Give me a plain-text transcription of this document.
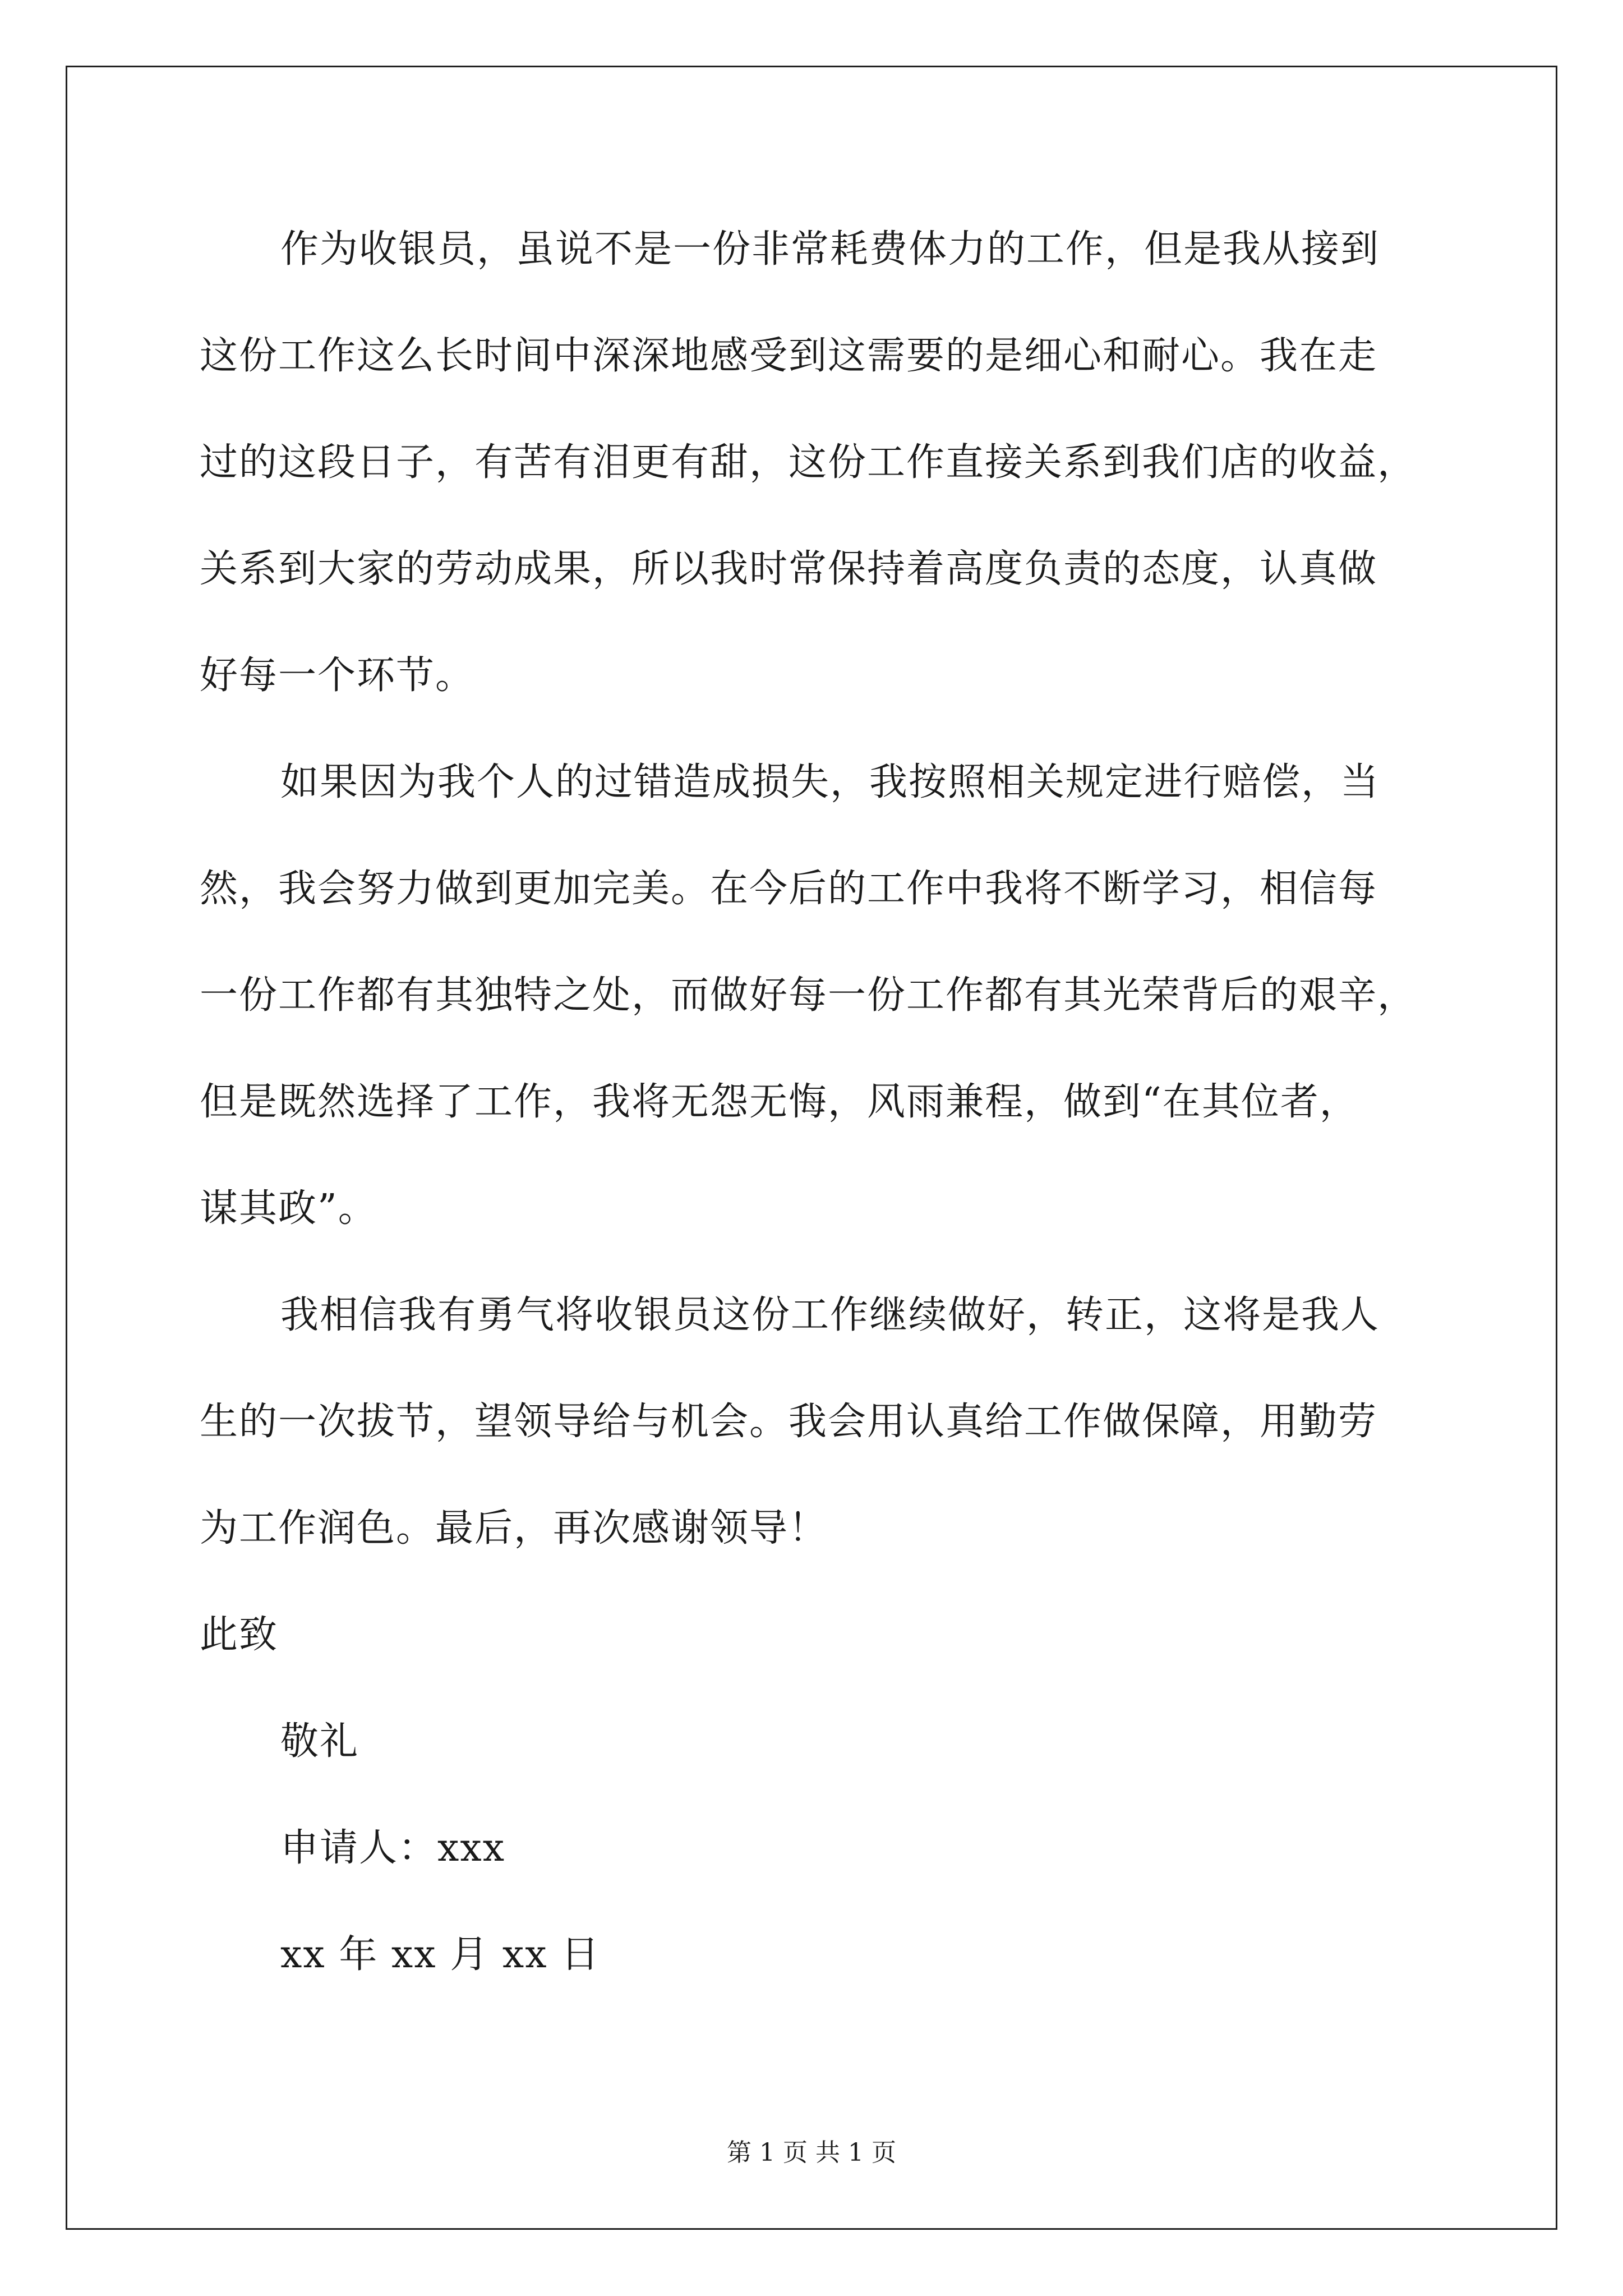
作为收银员，虽说不是一份非常耗费体力的工作，但是我从接到
这份工作这么长时间中深深地感受到这需要的是细心和耐心。我在走
过的这段日子，有苦有泪更有甜，这份工作直接关系到我们店的收益，
关系到大家的劳动成果，所以我时常保持着高度负责的态度，认真做
好每一个环节。
如果因为我个人的过错造成损失，我按照相关规定进行赔偿，当
然，我会努力做到更加完美。在今后的工作中我将不断学习，相信每
一份工作都有其独特之处，而做好每一份工作都有其光荣背后的艰辛，
但是既然选择了工作，我将无怨无悔，风雨兼程，做到“在其位者，
谋其政”。
我相信我有勇气将收银员这份工作继续做好，转正，这将是我人
生的一次拔节，望领导给与机会。我会用认真给工作做保障，用勤劳
为工作润色。最后，再次感谢领导！
此致
敬礼
申请人：xxx
xx 年 xx 月 xx 日
第 1 页 共 1 页
